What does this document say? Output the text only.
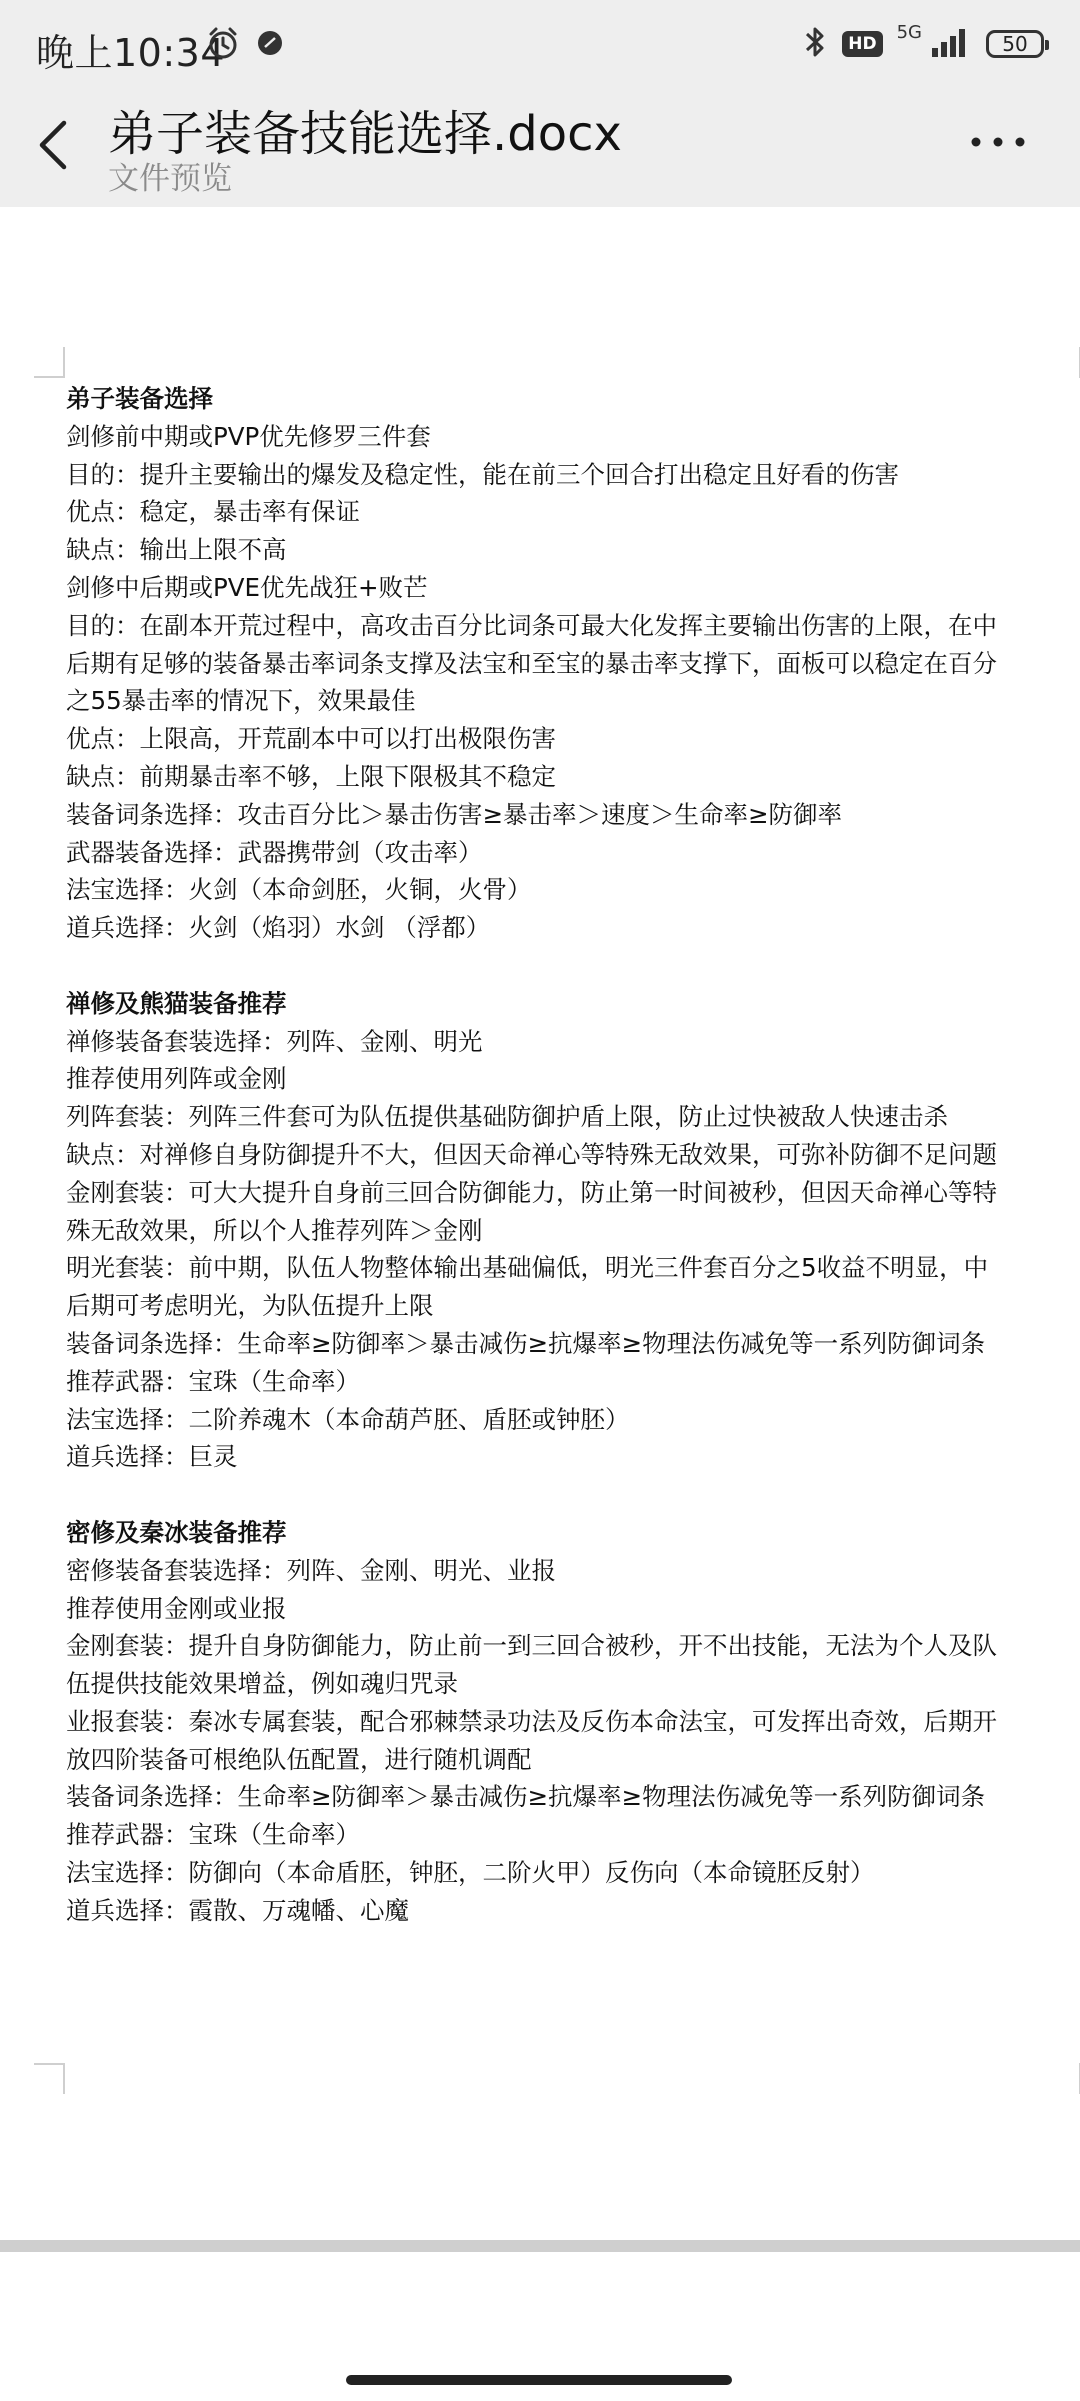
晚上10:34	HD
5G	50
弟子装备技能选择.docx
文件预览
弟子装备选择
剑修前中期或PVP优先修罗三件套
目的：提升主要输出的爆发及稳定性，能在前三个回合打出稳定且好看的伤害
优点：稳定，暴击率有保证
缺点：输出上限不高
剑修中后期或PVE优先战狂+败芒
目的：在副本开荒过程中，高攻击百分比词条可最大化发挥主要输出伤害的上限，在中
后期有足够的装备暴击率词条支撑及法宝和至宝的暴击率支撑下，面板可以稳定在百分
之55暴击率的情况下，效果最佳
优点：上限高，开荒副本中可以打出极限伤害
缺点：前期暴击率不够，上限下限极其不稳定
装备词条选择：攻击百分比＞暴击伤害≥暴击率＞速度＞生命率≥防御率
武器装备选择：武器携带剑（攻击率）
法宝选择：火剑（本命剑胚，火铜，火骨）
道兵选择：火剑（焰羽）水剑 （浮都）
禅修及熊猫装备推荐
禅修装备套装选择：列阵、金刚、明光
推荐使用列阵或金刚
列阵套装：列阵三件套可为队伍提供基础防御护盾上限，防止过快被敌人快速击杀
缺点：对禅修自身防御提升不大，但因天命禅心等特殊无敌效果，可弥补防御不足问题
金刚套装：可大大提升自身前三回合防御能力，防止第一时间被秒，但因天命禅心等特
殊无敌效果，所以个人推荐列阵＞金刚
明光套装：前中期，队伍人物整体输出基础偏低，明光三件套百分之5收益不明显，中
后期可考虑明光，为队伍提升上限
装备词条选择：生命率≥防御率＞暴击减伤≥抗爆率≥物理法伤减免等一系列防御词条
推荐武器：宝珠（生命率）
法宝选择：二阶养魂木（本命葫芦胚、盾胚或钟胚）
道兵选择：巨灵
密修及秦冰装备推荐
密修装备套装选择：列阵、金刚、明光、业报
推荐使用金刚或业报
金刚套装：提升自身防御能力，防止前一到三回合被秒，开不出技能，无法为个人及队
伍提供技能效果增益，例如魂归咒录
业报套装：秦冰专属套装，配合邪棘禁录功法及反伤本命法宝，可发挥出奇效，后期开
放四阶装备可根绝队伍配置，进行随机调配
装备词条选择：生命率≥防御率＞暴击减伤≥抗爆率≥物理法伤减免等一系列防御词条
推荐武器：宝珠（生命率）
法宝选择：防御向（本命盾胚，钟胚，二阶火甲）反伤向（本命镜胚反射）
道兵选择：霞散、万魂幡、心魔
